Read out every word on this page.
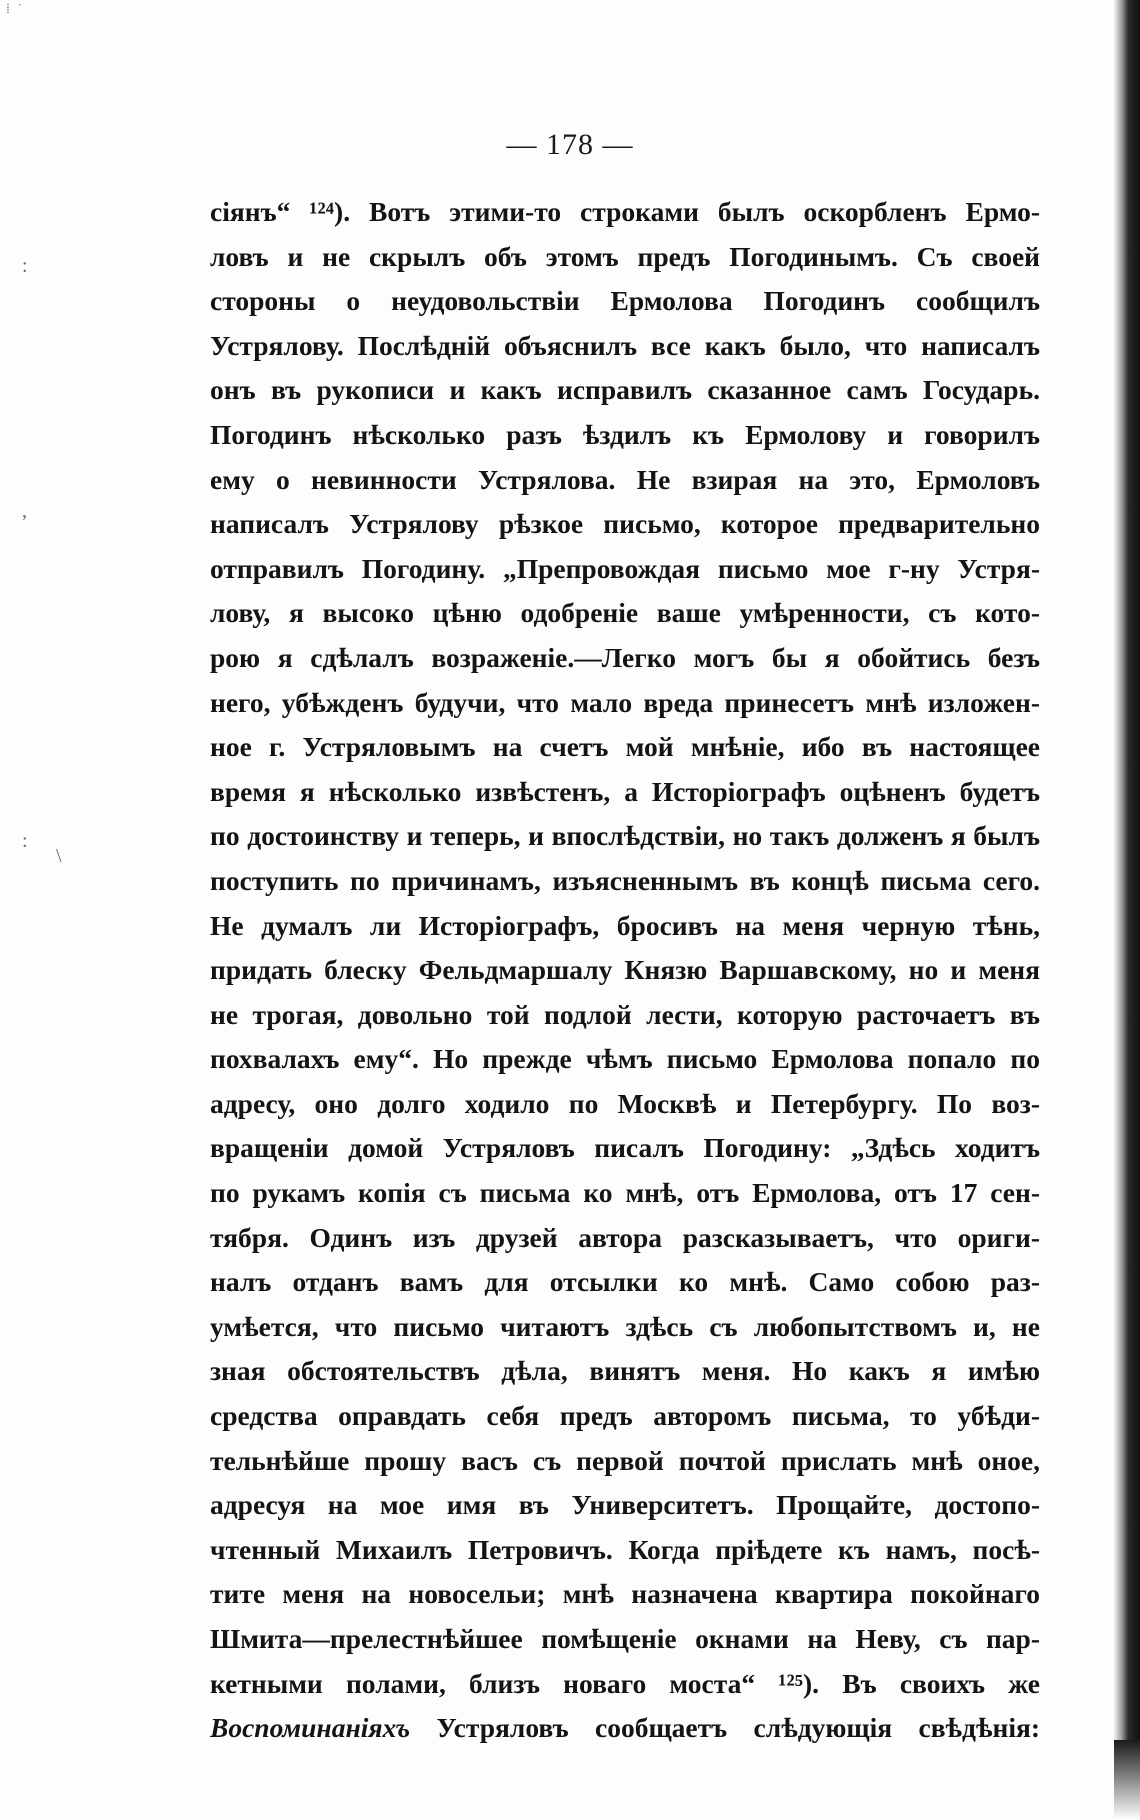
⁞ ˙
:
,
:
\
— 178 —
сіянъ“ ¹²⁴). Вотъ этими-то строками былъ оскорбленъ Ермо-
ловъ и не скрылъ объ этомъ предъ Погодинымъ. Съ своей
стороны о неудовольствіи Ермолова Погодинъ сообщилъ
Устрялову. Послѣдній объяснилъ все какъ было, что написалъ
онъ въ рукописи и какъ исправилъ сказанное самъ Государь.
Погодинъ нѣсколько разъ ѣздилъ къ Ермолову и говорилъ
ему о невинности Устрялова. Не взирая на это, Ермоловъ
написалъ Устрялову рѣзкое письмо, которое предварительно
отправилъ Погодину. „Препровождая письмо мое г-ну Устря-
лову, я высоко цѣню одобреніе ваше умѣренности, съ кото-
рою я сдѣлалъ возраженіе.—Легко могъ бы я обойтись безъ
него, убѣжденъ будучи, что мало вреда принесетъ мнѣ изложен-
ное г. Устряловымъ на счетъ мой мнѣніе, ибо въ настоящее
время я нѣсколько извѣстенъ, а Исторіографъ оцѣненъ будетъ
по достоинству и теперь, и впослѣдствіи, но такъ долженъ я былъ
поступить по причинамъ, изъясненнымъ въ концѣ письма сего.
Не думалъ ли Исторіографъ, бросивъ на меня черную тѣнь,
придать блеску Фельдмаршалу Князю Варшавскому, но и меня
не трогая, довольно той подлой лести, которую расточаетъ въ
похвалахъ ему“. Но прежде чѣмъ письмо Ермолова попало по
адресу, оно долго ходило по Москвѣ и Петербургу. По воз-
вращеніи домой Устряловъ писалъ Погодину: „Здѣсь ходитъ
по рукамъ копія съ письма ко мнѣ, отъ Ермолова, отъ 17 сен-
тября. Одинъ изъ друзей автора разсказываетъ, что ориги-
налъ отданъ вамъ для отсылки ко мнѣ. Само собою раз-
умѣется, что письмо читаютъ здѣсь съ любопытствомъ и, не
зная обстоятельствъ дѣла, винятъ меня. Но какъ я имѣю
средства оправдать себя предъ авторомъ письма, то убѣди-
тельнѣйше прошу васъ съ первой почтой прислать мнѣ оное,
адресуя на мое имя въ Университетъ. Прощайте, достопо-
чтенный Михаилъ Петровичъ. Когда пріѣдете къ намъ, посѣ-
тите меня на новосельи; мнѣ назначена квартира покойнаго
Шмита—прелестнѣйшее помѣщеніе окнами на Неву, съ пар-
кетными полами, близъ новаго моста“ ¹²⁵). Въ своихъ же
Воспоминаніяхъ Устряловъ сообщаетъ слѣдующія свѣдѣнія:
